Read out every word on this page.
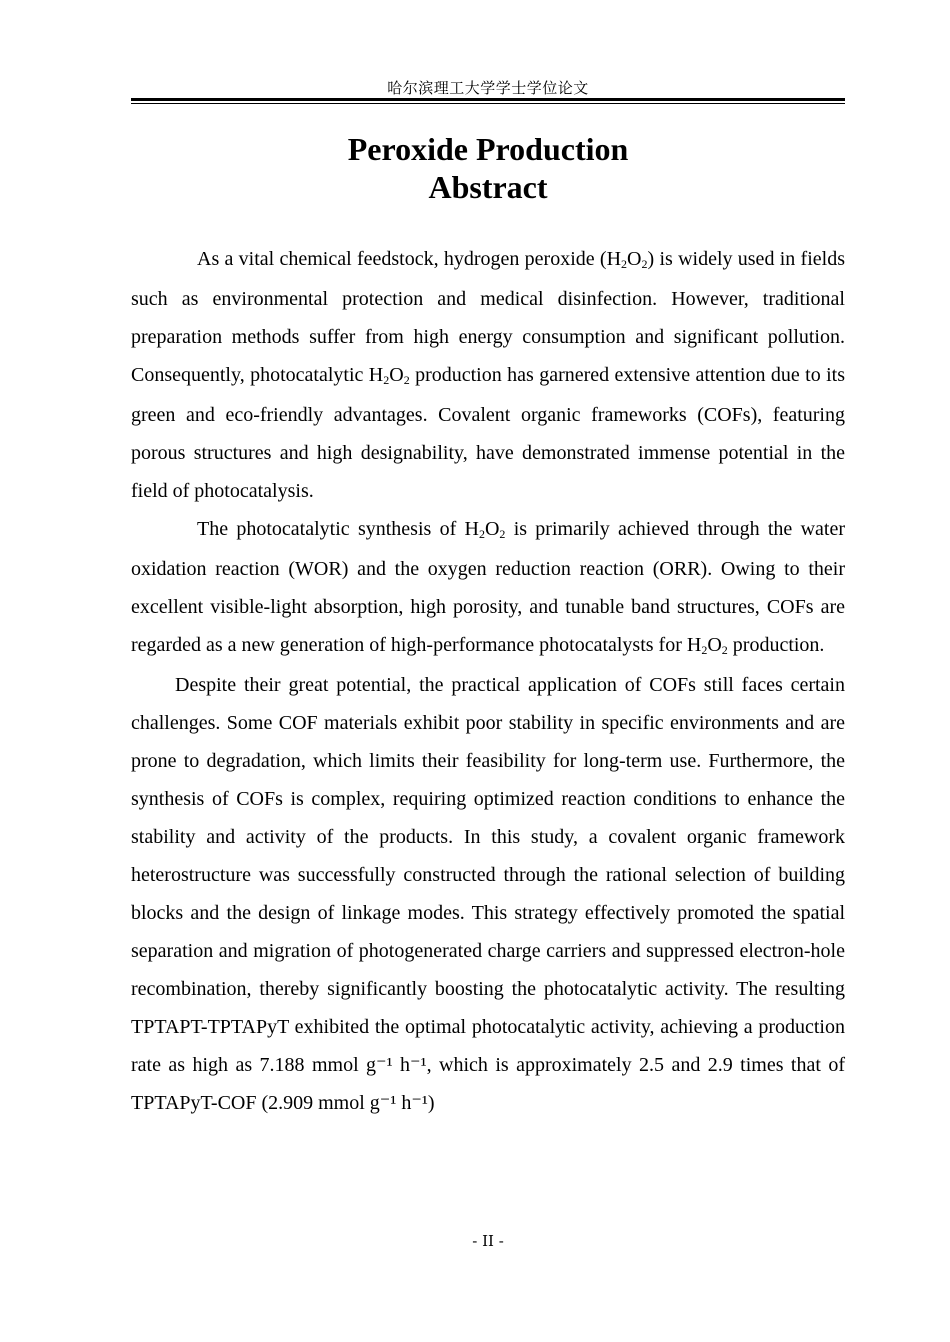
哈尔滨理工大学学士学位论文
Peroxide Production
Abstract

As a vital chemical feedstock, hydrogen peroxide $(H_2O_2)$ is widely used in fields such as environmental protection and medical disinfection. However, traditional preparation methods suffer from high energy consumption and significant pollution. Consequently, photocatalytic $H_2O_2$ production has garnered extensive attention due to its green and eco-friendly advantages. Covalent organic frameworks (COFs), featuring porous structures and high designability, have demonstrated immense potential in the field of photocatalysis.

The photocatalytic synthesis of $H_2O_2$ is primarily achieved through the water oxidation reaction (WOR) and the oxygen reduction reaction (ORR). Owing to their excellent visible-light absorption, high porosity, and tunable band structures, COFs are regarded as a new generation of high-performance photocatalysts for $H_2O_2$ production.

Despite their great potential, the practical application of COFs still faces certain challenges. Some COF materials exhibit poor stability in specific environments and are prone to degradation, which limits their feasibility for long-term use. Furthermore, the synthesis of COFs is complex, requiring optimized reaction conditions to enhance the stability and activity of the products. In this study, a covalent organic framework heterostructure was successfully constructed through the rational selection of building blocks and the design of linkage modes. This strategy effectively promoted the spatial separation and migration of photogenerated charge carriers and suppressed electron-hole recombination, thereby significantly boosting the photocatalytic activity. The resulting TPTAPT-TPTAPyT exhibited the optimal photocatalytic activity, achieving a production rate as high as 7.188 mmol g⁻¹ h⁻¹, which is approximately 2.5 and 2.9 times that of TPTAPyT-COF (2.909 mmol g⁻¹ h⁻¹)

- II -
